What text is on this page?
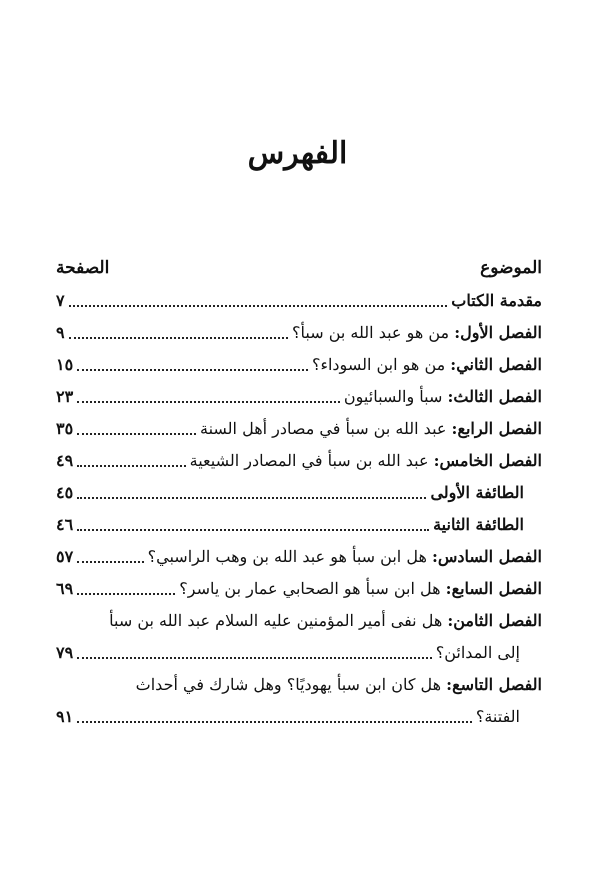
الفهرس
الموضوع
الصفحة
مقدمة الكتاب
٧
الفصل الأول: من هو عبد الله بن سبأ؟
٩
الفصل الثاني: من هو ابن السوداء؟
١٥
الفصل الثالث: سبأ والسبائيون
٢٣
الفصل الرابع: عبد الله بن سبأ في مصادر أهل السنة
٣٥
الفصل الخامس: عبد الله بن سبأ في المصادر الشيعية
٤٩
الطائفة الأولى
٤٥
الطائفة الثانية
٤٦
الفصل السادس: هل ابن سبأ هو عبد الله بن وهب الراسبي؟
٥٧
الفصل السابع: هل ابن سبأ هو الصحابي عمار بن ياسر؟
٦٩
الفصل الثامن: هل نفى أمير المؤمنين عليه السلام عبد الله بن سبأ
إلى المدائن؟
٧٩
الفصل التاسع: هل كان ابن سبأ يهوديًا؟ وهل شارك في أحداث
الفتنة؟
٩١
